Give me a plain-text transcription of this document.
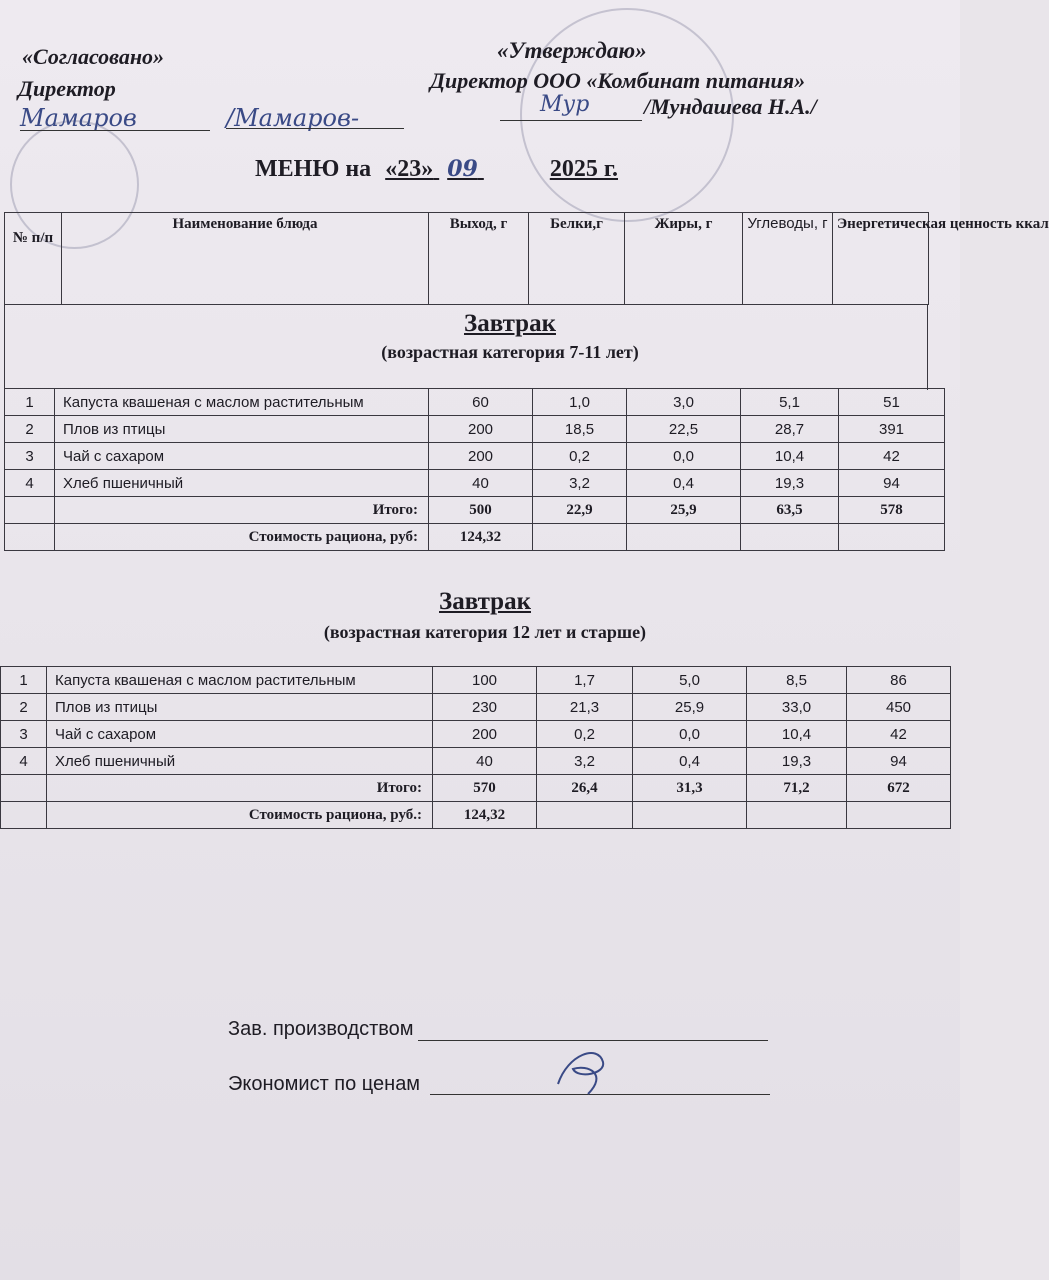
«Согласовано»
Директор
Мамаров	/Мамаров-
«Утверждаю»
Директор ООО «Комбинат питания»
Мур /Мундашева Н.А./
МЕНЮ на «23» 09	2025 г.
№ п/п	Наименование блюда	Выход, г	Белки,г	Жиры, г	Углеводы, г	Энергетическая ценность ккал
Завтрак
(возрастная категория 7-11 лет)
1	Капуста квашеная с маслом растительным	60	1,0	3,0	5,1	51
2	Плов из птицы	200	18,5	22,5	28,7	391
3	Чай с сахаром	200	0,2	0,0	10,4	42
4	Хлеб пшеничный	40	3,2	0,4	19,3	94
	Итого:	500	22,9	25,9	63,5	578
	Стоимость рациона, руб:	124,32				
Завтрак
(возрастная категория 12 лет и старше)
1	Капуста квашеная с маслом растительным	100	1,7	5,0	8,5	86
2	Плов из птицы	230	21,3	25,9	33,0	450
3	Чай с сахаром	200	0,2	0,0	10,4	42
4	Хлеб пшеничный	40	3,2	0,4	19,3	94
	Итого:	570	26,4	31,3	71,2	672
	Стоимость рациона, руб.:	124,32				
Зав. производством
Экономист по ценам
